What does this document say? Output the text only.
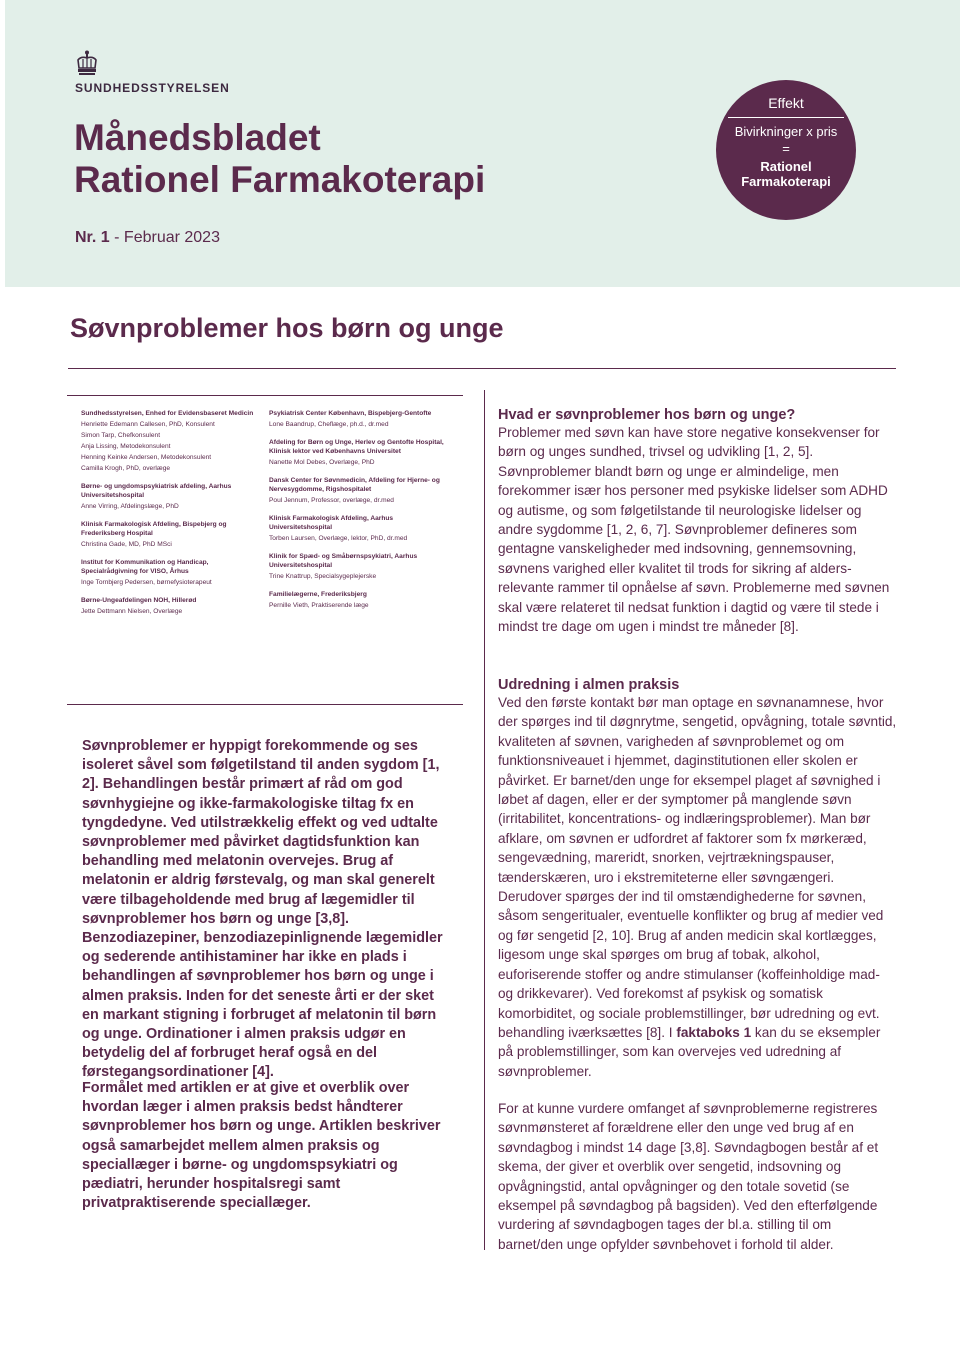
SUNDHEDSSTYRELSEN
Månedsbladet
Rationel Farmakoterapi
Nr. 1 - Februar 2023
Effekt
Bivirkninger x pris
=
Rationel
Farmakoterapi
Søvnproblemer hos børn og unge
Sundhedsstyrelsen, Enhed for Evidensbaseret Medicin
Henriette Edemann Callesen, PhD, Konsulent
Simon Tarp, Chefkonsulent
Anja Lissing, Metodekonsulent
Henning Keinke Andersen, Metodekonsulent
Camilla Krogh, PhD, overlæge
Børne- og ungdomspsykiatrisk afdeling, Aarhus Universitetshospital
Anne Virring, Afdelingslæge, PhD
Klinisk Farmakologisk Afdeling, Bispebjerg og Frederiksberg Hospital
Christina Gade, MD, PhD MSci
Institut for Kommunikation og Handicap, Specialrådgivning for VISO, Århus
Inge Tornbjerg Pedersen, børnefysioterapeut
Børne-Ungeafdelingen NOH, Hillerød
Jette Dettmann Nielsen, Overlæge
Psykiatrisk Center København, Bispebjerg-Gentofte
Lone Baandrup, Cheflæge, ph.d., dr.med
Afdeling for Børn og Unge, Herlev og Gentofte Hospital, Klinisk lektor ved Københavns Universitet
Nanette Mol Debes, Overlæge, PhD
Dansk Center for Søvnmedicin, Afdeling for Hjerne- og Nervesygdomme, Rigshospitalet
Poul Jennum, Professor, overlæge, dr.med
Klinisk Farmakologisk Afdeling, Aarhus Universitetshospital
Torben Laursen, Overlæge, lektor, PhD, dr.med
Klinik for Spæd- og Småbørnspsykiatri, Aarhus Universitetshospital
Trine Knattrup, Specialsygeplejerske
Familielægerne, Frederiksbjerg
Pernille Vieth, Praktiserende læge

Søvnproblemer er hyppigt forekommende og ses isoleret såvel som følgetilstand til anden sygdom [1, 2]. Behandlingen består primært af råd om god søvnhygiejne og ikke-farmakologiske tiltag fx en tyngdedyne. Ved utilstrækkelig effekt og ved udtalte søvnproblemer med påvirket dagtidsfunktion kan behandling med melatonin overvejes. Brug af melatonin er aldrig førstevalg, og man skal generelt være tilbageholdende med brug af lægemidler til søvnproblemer hos børn og unge [3,8]. Benzodiazepiner, benzodiazepinlignende lægemidler og sederende antihistaminer har ikke en plads i behandlingen af søvnproblemer hos børn og unge i almen praksis. Inden for det seneste årti er der sket en markant stigning i forbruget af melatonin til børn og unge. Ordinationer i almen praksis udgør en betydelig del af forbruget heraf også en del førstegangsordinationer [4].

Formålet med artiklen er at give et overblik over hvordan læger i almen praksis bedst håndterer søvnproblemer hos børn og unge. Artiklen beskriver også samarbejdet mellem almen praksis og speciallæger i børne- og ungdomspsykiatri og pædiatri, herunder hospitalsregi samt privatpraktiserende speciallæger.

Hvad er søvnproblemer hos børn og unge?

Problemer med søvn kan have store negative konsekvenser for børn og unges sundhed, trivsel og udvikling [1, 2, 5]. Søvnproblemer blandt børn og unge er almindelige, men forekommer især hos personer med psykiske lidelser som ADHD og autisme, og som følgetilstande til neurologiske lidelser og andre sygdomme [1, 2, 6, 7]. Søvnproblemer defineres som gentagne vanskeligheder med indsovning, gennemsovning, søvnens varighed eller kvalitet til trods for sikring af aldersrelevante rammer til opnåelse af søvn. Problemerne med søvnen skal være relateret til nedsat funktion i dagtid og være til stede i mindst tre dage om ugen i mindst tre måneder [8].

Udredning i almen praksis

Ved den første kontakt bør man optage en søvnanamnese, hvor der spørges ind til døgnrytme, sengetid, opvågning, totale søvntid, kvaliteten af søvnen, varigheden af søvnproblemet og om funktionsniveauet i hjemmet, daginstitutionen eller skolen er påvirket. Er barnet/den unge for eksempel plaget af søvnighed i løbet af dagen, eller er der symptomer på manglende søvn (irritabilitet, koncentrations- og indlæringsproblemer). Man bør afklare, om søvnen er udfordret af faktorer som fx mørkeræd, sengevædning, mareridt, snorken, vejrtrækningspauser, tænderskæren, uro i ekstremiteterne eller søvngængeri. Derudover spørges der ind til omstændighederne for søvnen, såsom sengeritualer, eventuelle konflikter og brug af medier ved og før sengetid [2, 10]. Brug af anden medicin skal kortlægges, ligesom unge skal spørges om brug af tobak, alkohol, euforiserende stoffer og andre stimulanser (koffeinholdige mad- og drikkevarer). Ved forekomst af psykisk og somatisk komorbiditet, og sociale problemstillinger, bør udredning og evt. behandling iværksættes [8]. I faktaboks 1 kan du se eksempler på problemstillinger, som kan overvejes ved udredning af søvnproblemer.

For at kunne vurdere omfanget af søvnproblemerne registreres søvnmønsteret af forældrene eller den unge ved brug af en søvndagbog i mindst 14 dage [3,8]. Søvndagbogen består af et skema, der giver et overblik over sengetid, indsovning og opvågningstid, antal opvågninger og den totale sovetid (se eksempel på søvndagbog på bagsiden). Ved den efterfølgende vurdering af søvndagbogen tages der bl.a. stilling til om barnet/den unge opfylder søvnbehovet i forhold til alder.
